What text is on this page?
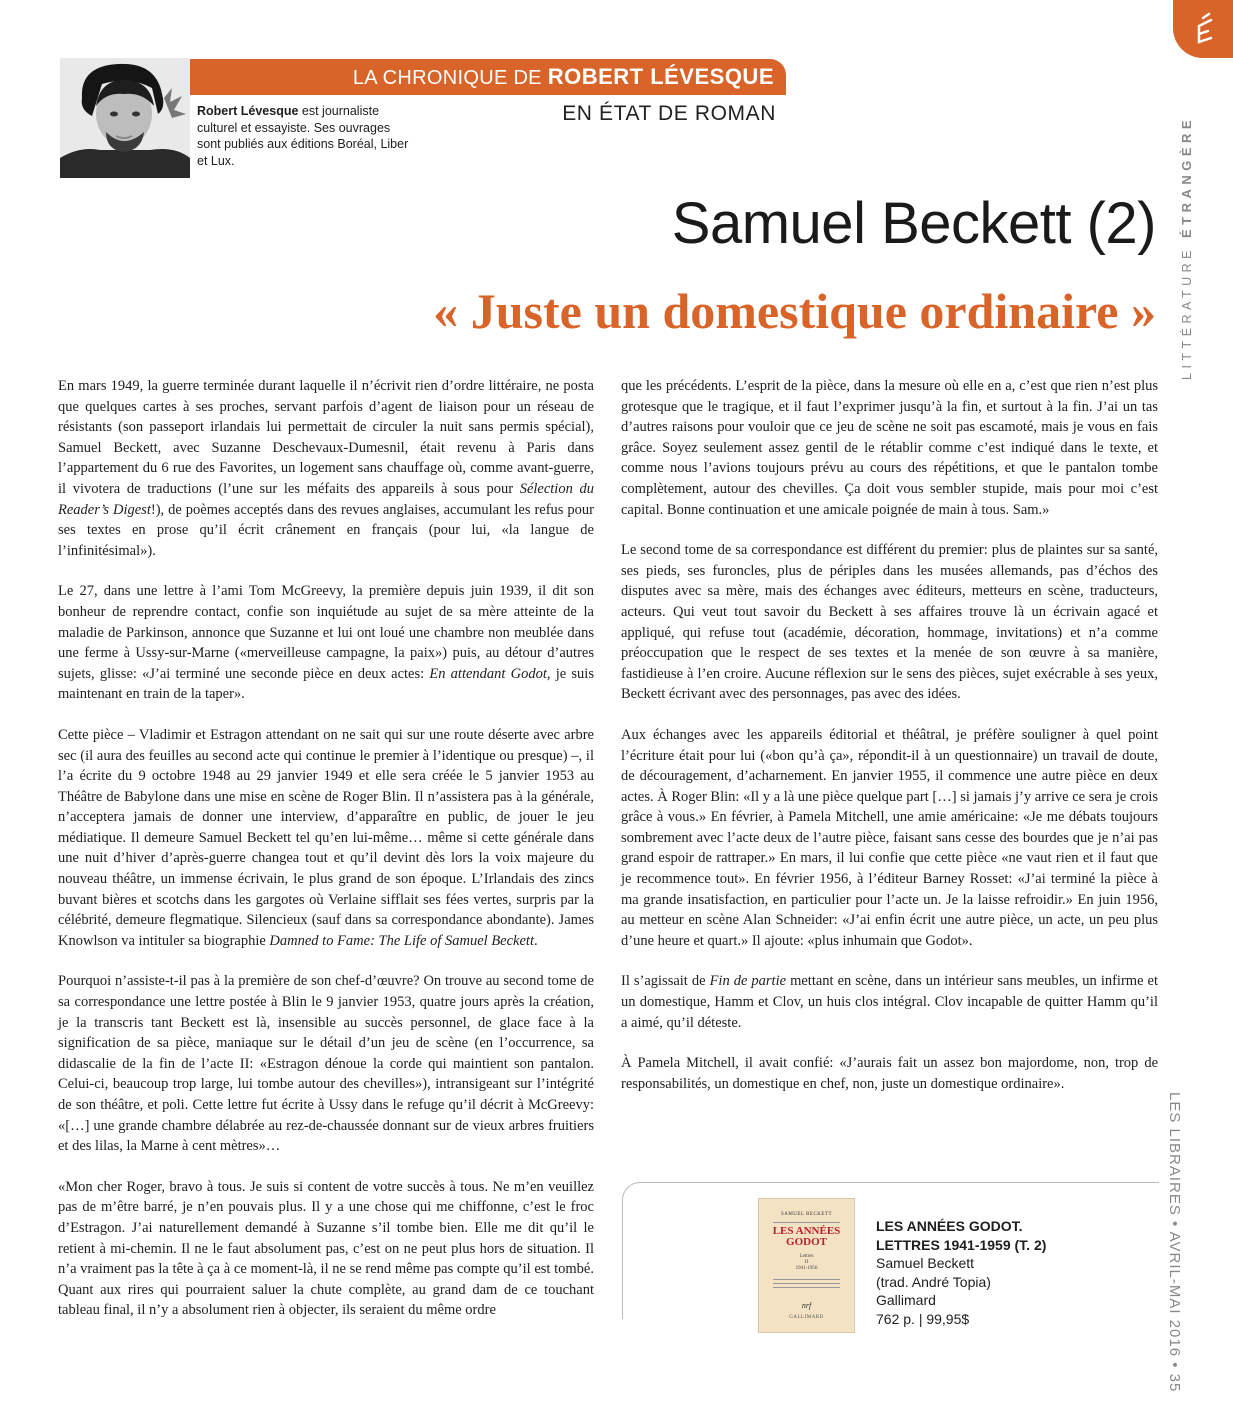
LITTÉRATURE ÉTRANGÈRE
LES LIBRAIRES • AVRIL-MAI 2016 • 35
LA CHRONIQUE DE ROBERT LÉVESQUE
Robert Lévesque est journaliste culturel et essayiste. Ses ouvrages sont publiés aux éditions Boréal, Liber et Lux.
EN ÉTAT DE ROMAN
Samuel Beckett (2)
« Juste un domestique ordinaire »

En mars 1949, la guerre terminée durant laquelle il n’écrivit rien d’ordre littéraire, ne posta que quelques cartes à ses proches, servant parfois d’agent de liaison pour un réseau de résistants (son passeport irlandais lui permettait de circuler la nuit sans permis spécial), Samuel Beckett, avec Suzanne Deschevaux-Dumesnil, était revenu à Paris dans l’appartement du 6 rue des Favorites, un logement sans chauffage où, comme avant-guerre, il vivotera de traductions (l’une sur les méfaits des appareils à sous pour Sélection du Reader’s Digest!), de poèmes acceptés dans des revues anglaises, accumulant les refus pour ses textes en prose qu’il écrit crânement en français (pour lui, «la langue de l’infinitésimal»).

Le 27, dans une lettre à l’ami Tom McGreevy, la première depuis juin 1939, il dit son bonheur de reprendre contact, confie son inquiétude au sujet de sa mère atteinte de la maladie de Parkinson, annonce que Suzanne et lui ont loué une chambre non meublée dans une ferme à Ussy-sur-Marne («merveilleuse campagne, la paix») puis, au détour d’autres sujets, glisse: «J’ai terminé une seconde pièce en deux actes: En attendant Godot, je suis maintenant en train de la taper».

Cette pièce – Vladimir et Estragon attendant on ne sait qui sur une route déserte avec arbre sec (il aura des feuilles au second acte qui continue le premier à l’identique ou presque) –, il l’a écrite du 9 octobre 1948 au 29 janvier 1949 et elle sera créée le 5 janvier 1953 au Théâtre de Babylone dans une mise en scène de Roger Blin. Il n’assistera pas à la générale, n’acceptera jamais de donner une interview, d’apparaître en public, de jouer le jeu médiatique. Il demeure Samuel Beckett tel qu’en lui-même… même si cette générale dans une nuit d’hiver d’après-guerre changea tout et qu’il devint dès lors la voix majeure du nouveau théâtre, un immense écrivain, le plus grand de son époque. L’Irlandais des zincs buvant bières et scotchs dans les gargotes où Verlaine sifflait ses fées vertes, surpris par la célébrité, demeure flegmatique. Silencieux (sauf dans sa correspondance abondante). James Knowlson va intituler sa biographie Damned to Fame: The Life of Samuel Beckett.

Pourquoi n’assiste-t-il pas à la première de son chef-d’œuvre? On trouve au second tome de sa correspondance une lettre postée à Blin le 9 janvier 1953, quatre jours après la création, je la transcris tant Beckett est là, insensible au succès personnel, de glace face à la signification de sa pièce, maniaque sur le détail d’un jeu de scène (en l’occurrence, sa didascalie de la fin de l’acte II: «Estragon dénoue la corde qui maintient son pantalon. Celui-ci, beaucoup trop large, lui tombe autour des chevilles»), intransigeant sur l’intégrité de son théâtre, et poli. Cette lettre fut écrite à Ussy dans le refuge qu’il décrit à McGreevy: «[…] une grande chambre délabrée au rez-de-chaussée donnant sur de vieux arbres fruitiers et des lilas, la Marne à cent mètres»…

«Mon cher Roger, bravo à tous. Je suis si content de votre succès à tous. Ne m’en veuillez pas de m’être barré, je n’en pouvais plus. Il y a une chose qui me chiffonne, c’est le froc d’Estragon. J’ai naturellement demandé à Suzanne s’il tombe bien. Elle me dit qu’il le retient à mi-chemin. Il ne le faut absolument pas, c’est on ne peut plus hors de situation. Il n’a vraiment pas la tête à ça à ce moment-là, il ne se rend même pas compte qu’il est tombé. Quant aux rires qui pourraient saluer la chute complète, au grand dam de ce touchant tableau final, il n’y a absolument rien à objecter, ils seraient du même ordre

que les précédents. L’esprit de la pièce, dans la mesure où elle en a, c’est que rien n’est plus grotesque que le tragique, et il faut l’exprimer jusqu’à la fin, et surtout à la fin. J’ai un tas d’autres raisons pour vouloir que ce jeu de scène ne soit pas escamoté, mais je vous en fais grâce. Soyez seulement assez gentil de le rétablir comme c’est indiqué dans le texte, et comme nous l’avions toujours prévu au cours des répétitions, et que le pantalon tombe complètement, autour des chevilles. Ça doit vous sembler stupide, mais pour moi c’est capital. Bonne continuation et une amicale poignée de main à tous. Sam.»

Le second tome de sa correspondance est différent du premier: plus de plaintes sur sa santé, ses pieds, ses furoncles, plus de périples dans les musées allemands, pas d’échos des disputes avec sa mère, mais des échanges avec éditeurs, metteurs en scène, traducteurs, acteurs. Qui veut tout savoir du Beckett à ses affaires trouve là un écrivain agacé et appliqué, qui refuse tout (académie, décoration, hommage, invitations) et n’a comme préoccupation que le respect de ses textes et la menée de son œuvre à sa manière, fastidieuse à l’en croire. Aucune réflexion sur le sens des pièces, sujet exécrable à ses yeux, Beckett écrivant avec des personnages, pas avec des idées.

Aux échanges avec les appareils éditorial et théâtral, je préfère souligner à quel point l’écriture était pour lui («bon qu’à ça», répondit-il à un questionnaire) un travail de doute, de découragement, d’acharnement. En janvier 1955, il commence une autre pièce en deux actes. À Roger Blin: «Il y a là une pièce quelque part […] si jamais j’y arrive ce sera je crois grâce à vous.» En février, à Pamela Mitchell, une amie américaine: «Je me débats toujours sombrement avec l’acte deux de l’autre pièce, faisant sans cesse des bourdes que je n’ai pas grand espoir de rattraper.» En mars, il lui confie que cette pièce «ne vaut rien et il faut que je recommence tout». En février 1956, à l’éditeur Barney Rosset: «J’ai terminé la pièce à ma grande insatisfaction, en particulier pour l’acte un. Je la laisse refroidir.» En juin 1956, au metteur en scène Alan Schneider: «J’ai enfin écrit une autre pièce, un acte, un peu plus d’une heure et quart.» Il ajoute: «plus inhumain que Godot».

Il s’agissait de Fin de partie mettant en scène, dans un intérieur sans meubles, un infirme et un domestique, Hamm et Clov, un huis clos intégral. Clov incapable de quitter Hamm qu’il a aimé, qu’il déteste.

À Pamela Mitchell, il avait confié: «J’aurais fait un assez bon majordome, non, trop de responsabilités, un domestique en chef, non, juste un domestique ordinaire».

SAMUEL BECKETT
LES ANNÉES
GODOT
Lettres
II
1941-1956
nrf
GALLIMARD
LES ANNÉES GODOT.
LETTRES 1941-1959 (T. 2)
Samuel Beckett
(trad. André Topia)
Gallimard
762 p. | 99,95$
